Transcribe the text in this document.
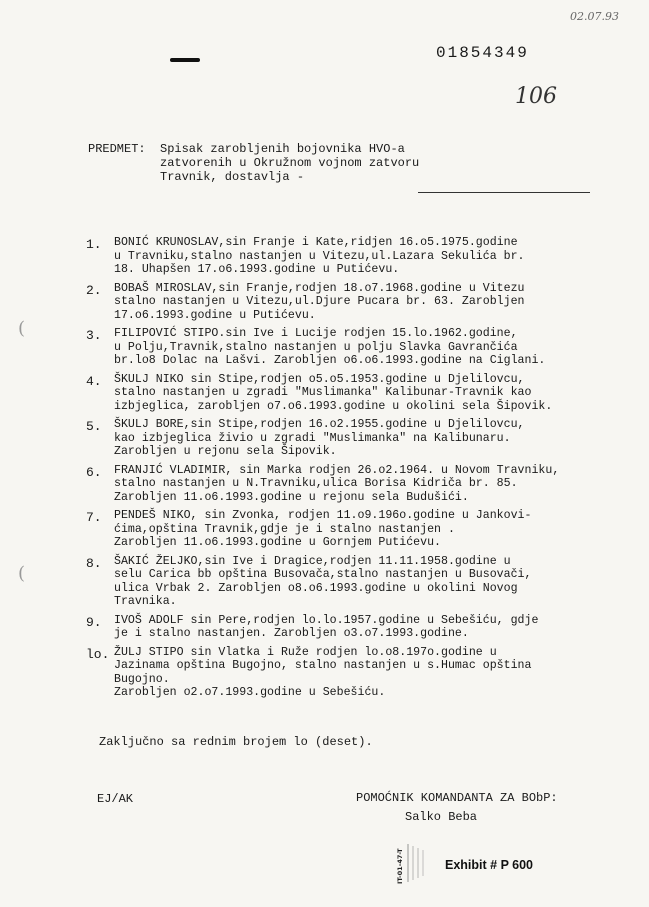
02.07.93
01854349
106
PREDMET: Spisak zarobljenih bojovnika HVO-a
zatvorenih u Okružnom vojnom zatvoru
Travnik, dostavlja -
(
(
1. BONIĆ KRUNOSLAV,sin Franje i Kate,ridjen 16.o5.1975.godine
u Travniku,stalno nastanjen u Vitezu,ul.Lazara Sekulića br.
18. Uhapšen 17.o6.1993.godine u Putićevu.
2. BOBAŠ MIROSLAV,sin Franje,rodjen 18.o7.1968.godine u Vitezu
stalno nastanjen u Vitezu,ul.Djure Pucara br. 63. Zarobljen
17.o6.1993.godine u Putićevu.
3. FILIPOVIĆ STIPO.sin Ive i Lucije rodjen 15.lo.1962.godine,
u Polju,Travnik,stalno nastanjen u polju Slavka Gavrančića
br.lo8 Dolac na Lašvi. Zarobljen o6.o6.1993.godine na Ciglani.
4. ŠKULJ NIKO sin Stipe,rodjen o5.o5.1953.godine u Djelilovcu,
stalno nastanjen u zgradi "Muslimanka" Kalibunar-Travnik kao
izbjeglica, zarobljen o7.o6.1993.godine u okolini sela Šipovik.
5. ŠKULJ BORE,sin Stipe,rodjen 16.o2.1955.godine u Djelilovcu,
kao izbjeglica živio u zgradi "Muslimanka" na Kalibunaru.
Zarobljen u rejonu sela Šipovik.
6. FRANJIĆ VLADIMIR, sin Marka rodjen 26.o2.1964. u Novom Travniku,
stalno nastanjen u N.Travniku,ulica Borisa Kidriča br. 85.
Zarobljen 11.o6.1993.godine u rejonu sela Budušići.
7. PENDEŠ NIKO, sin Zvonka, rodjen 11.o9.196o.godine u Jankovi-
ćima,opština Travnik,gdje je i stalno nastanjen .
Zarobljen 11.o6.1993.godine u Gornjem Putićevu.
8. ŠAKIĆ ŽELJKO,sin Ive i Dragice,rodjen 11.11.1958.godine u
selu Carica bb opština Busovača,stalno nastanjen u Busovači,
ulica Vrbak 2. Zarobljen o8.o6.1993.godine u okolini Novog
Travnika.
9. IVOŠ ADOLF sin Pere,rodjen lo.lo.1957.godine u Sebešiću, gdje
je i stalno nastanjen. Zarobljen o3.o7.1993.godine.
lo. ŽULJ STIPO sin Vlatka i Ruže rodjen lo.o8.197o.godine u
Jazinama opština Bugojno, stalno nastanjen u s.Humac opština
Bugojno.
Zarobljen o2.o7.1993.godine u Sebešiću.
Zaključno sa rednim brojem lo (deset).
EJ/AK	POMOĆNIK KOMANDANTA ZA BObP:
Salko Beba
IT-01-47-T	Exhibit # P 600
